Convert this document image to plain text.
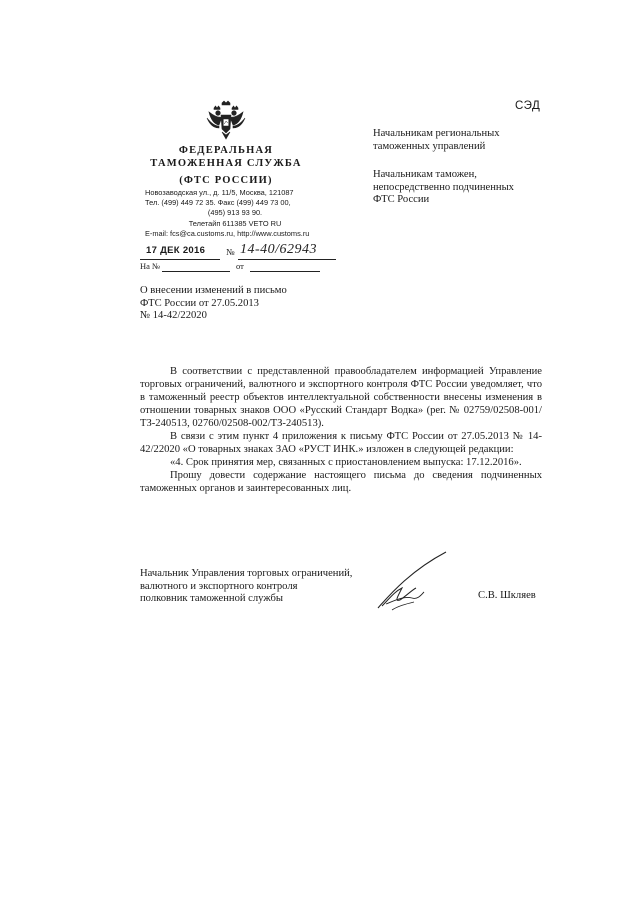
ФЕДЕРАЛЬНАЯ
ТАМОЖЕННАЯ СЛУЖБА
(ФТС РОССИИ)
Новозаводская ул., д. 11/5, Москва, 121087
Тел. (499) 449 72 35. Факс (499) 449 73 00,
(495) 913 93 90.
Телетайп 611385 VETO RU
E-mail: fcs@ca.customs.ru, http://www.customs.ru
17 ДЕК 2016 № 14-40/62943
На №	от
О внесении изменений в письмо
ФТС России от 27.05.2013
№ 14-42/22020
СЭД
Начальникам региональных
таможенных управлений
Начальникам таможен,
непосредственно подчиненных
ФТС России

В соответствии с представленной правообладателем информацией Управление торговых ограничений, валютного и экспортного контроля ФТС России уведомляет, что в таможенный реестр объектов интеллектуальной собственности внесены изменения в отношении товарных знаков ООО «Русский Стандарт Водка» (рег. № 02759/02508-001/ТЗ-240513, 02760/02508-002/ТЗ-240513).

В связи с этим пункт 4 приложения к письму ФТС России от 27.05.2013 № 14-42/22020 «О товарных знаках ЗАО «РУСТ ИНК.» изложен в следующей редакции:

«4. Срок принятия мер, связанных с приостановлением выпуска: 17.12.2016».

Прошу довести содержание настоящего письма до сведения подчиненных таможенных органов и заинтересованных лиц.

Начальник Управления торговых ограничений,
валютного и экспортного контроля
полковник таможенной службы	С.В. Шкляев
